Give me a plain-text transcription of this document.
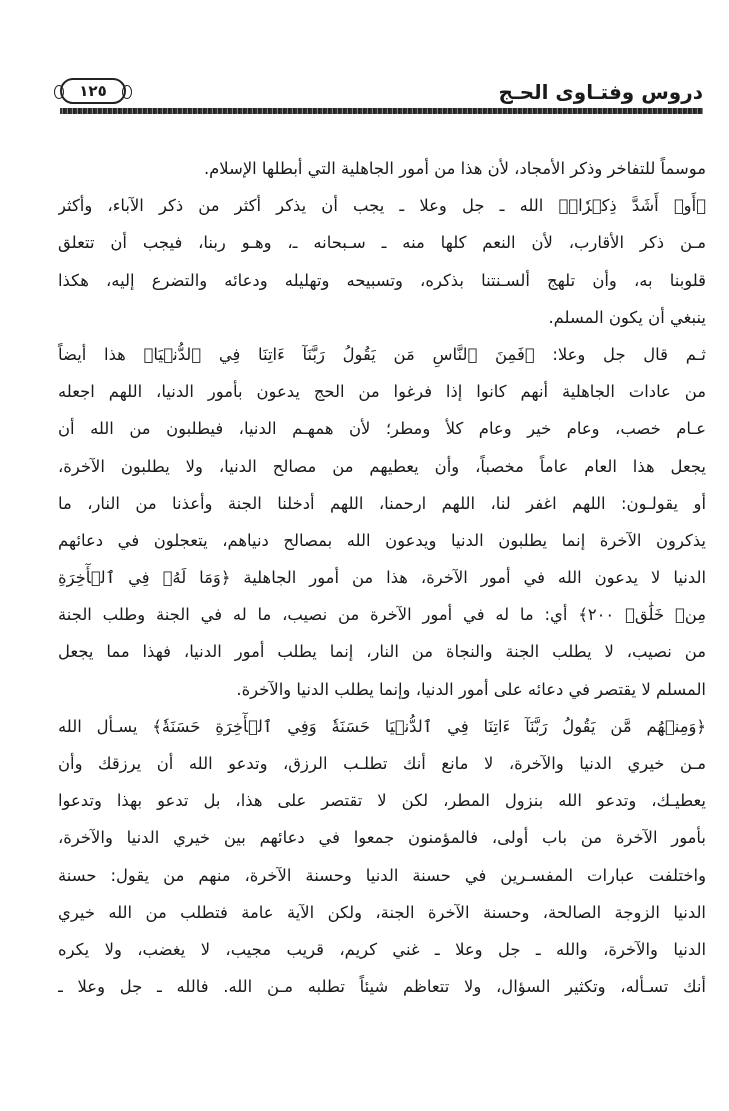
دروس وفتـاوى الحـج
١٢٥
موسماً للتفاخر وذكر الأمجاد، لأن هذا من أمور الجاهلية التي أبطلها الإسلام.
﴿أَوۡ أَشَدَّ ذِكۡرٗاۗ﴾ الله ـ جل وعلا ـ يجب أن يذكر أكثر من ذكر الآباء، وأكثر
مـن ذكر الأقارب، لأن النعم كلها منه ـ سـبحانه ـ، وهـو ربنا، فيجب أن تتعلق
قلوبنا به، وأن تلهج ألسـنتنا بذكره، وتسبيحه وتهليله ودعائه والتضرع إليه، هكذا
ينبغي أن يكون المسلم.
ثـم قال جل وعلا: ﴿فَمِنَ ٱلنَّاسِ مَن يَقُولُ رَبَّنَآ ءَاتِنَا فِي ٱلدُّنۡيَا﴾ هذا أيضاً
من عادات الجاهلية أنهم كانوا إذا فرغوا من الحج يدعون بأمور الدنيا، اللهم اجعله
عـام خصب، وعام خير وعام كلأ ومطر؛ لأن همهـم الدنيا، فيطلبون من الله أن
يجعل هذا العام عاماً مخصباً، وأن يعطيهم من مصالح الدنيا، ولا يطلبون الآخرة،
أو يقولـون: اللهم اغفر لنا، اللهم ارحمنا، اللهم أدخلنا الجنة وأعذنا من النار، ما
يذكرون الآخرة إنما يطلبون الدنيا ويدعون الله بمصالح دنياهم، يتعجلون في دعائهم
الدنيا لا يدعون الله في أمور الآخرة، هذا من أمور الجاهلية ﴿وَمَا لَهُۥ فِي ٱلۡأٓخِرَةِ
مِنۡ خَلَٰقٖ ٢٠٠﴾ أي: ما له في أمور الآخرة من نصيب، ما له في الجنة وطلب الجنة
من نصيب، لا يطلب الجنة والنجاة من النار، إنما يطلب أمور الدنيا، فهذا مما يجعل
المسلم لا يقتصر في دعائه على أمور الدنيا، وإنما يطلب الدنيا والآخرة.
﴿وَمِنۡهُم مَّن يَقُولُ رَبَّنَآ ءَاتِنَا فِي ٱلدُّنۡيَا حَسَنَةٗ وَفِي ٱلۡأٓخِرَةِ حَسَنَةٗ﴾ يسـأل الله
مـن خيري الدنيا والآخرة، لا مانع أنك تطلـب الرزق، وتدعو الله أن يرزقك وأن
يعطيـك، وتدعو الله بنزول المطر، لكن لا تقتصر على هذا، بل تدعو بهذا وتدعوا
بأمور الآخرة من باب أولى، فالمؤمنون جمعوا في دعائهم بين خيري الدنيا والآخرة،
واختلفت عبارات المفسـرين في حسنة الدنيا وحسنة الآخرة، منهم من يقول: حسنة
الدنيا الزوجة الصالحة، وحسنة الآخرة الجنة، ولكن الآية عامة فتطلب من الله خيري
الدنيا والآخرة، والله ـ جل وعلا ـ غني كريم، قريب مجيب، لا يغضب، ولا يكره
أنك تسـأله، وتكثير السؤال، ولا تتعاظم شيئاً تطلبه مـن الله. فالله ـ جل وعلا ـ
